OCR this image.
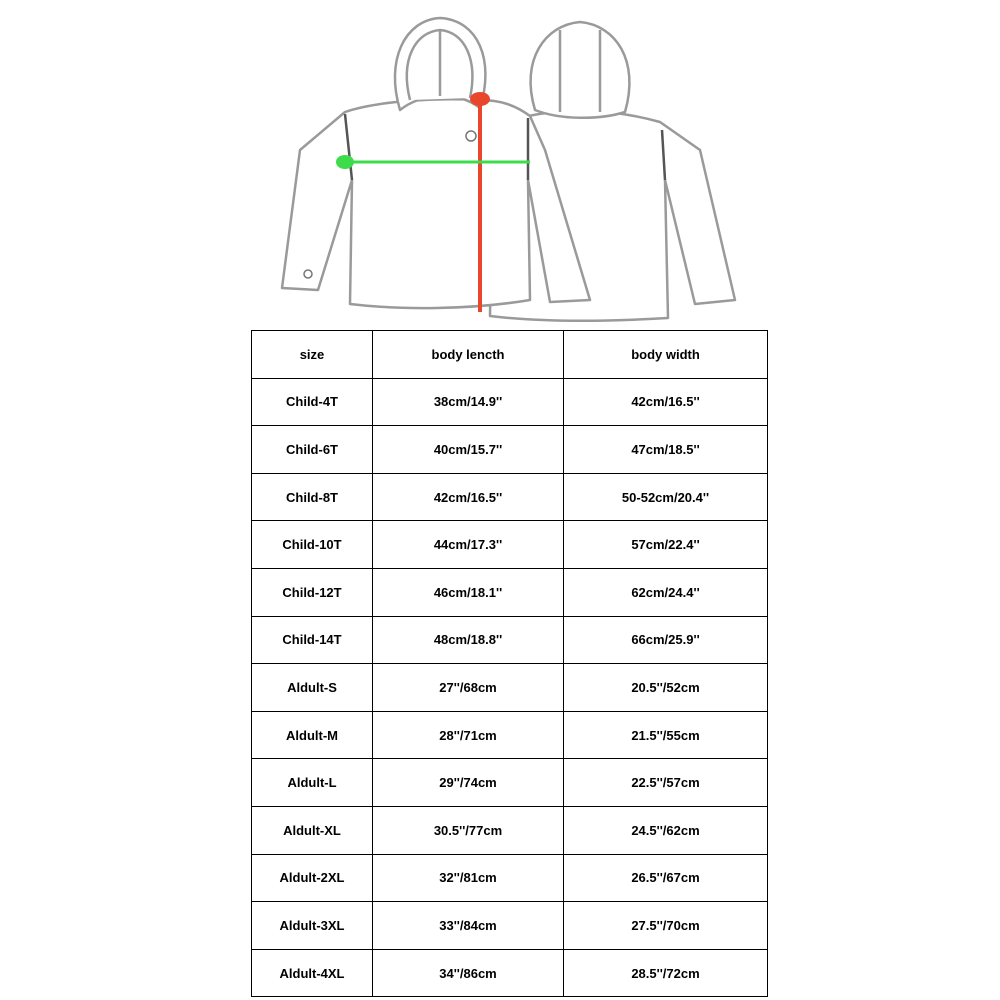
size	body lencth	body width
Child-4T	38cm/14.9''	42cm/16.5''
Child-6T	40cm/15.7''	47cm/18.5''
Child-8T	42cm/16.5''	50-52cm/20.4''
Child-10T	44cm/17.3''	57cm/22.4''
Child-12T	46cm/18.1''	62cm/24.4''
Child-14T	48cm/18.8''	66cm/25.9''
Aldult-S	27''/68cm	20.5''/52cm
Aldult-M	28''/71cm	21.5''/55cm
Aldult-L	29''/74cm	22.5''/57cm
Aldult-XL	30.5''/77cm	24.5''/62cm
Aldult-2XL	32''/81cm	26.5''/67cm
Aldult-3XL	33''/84cm	27.5''/70cm
Aldult-4XL	34''/86cm	28.5''/72cm
